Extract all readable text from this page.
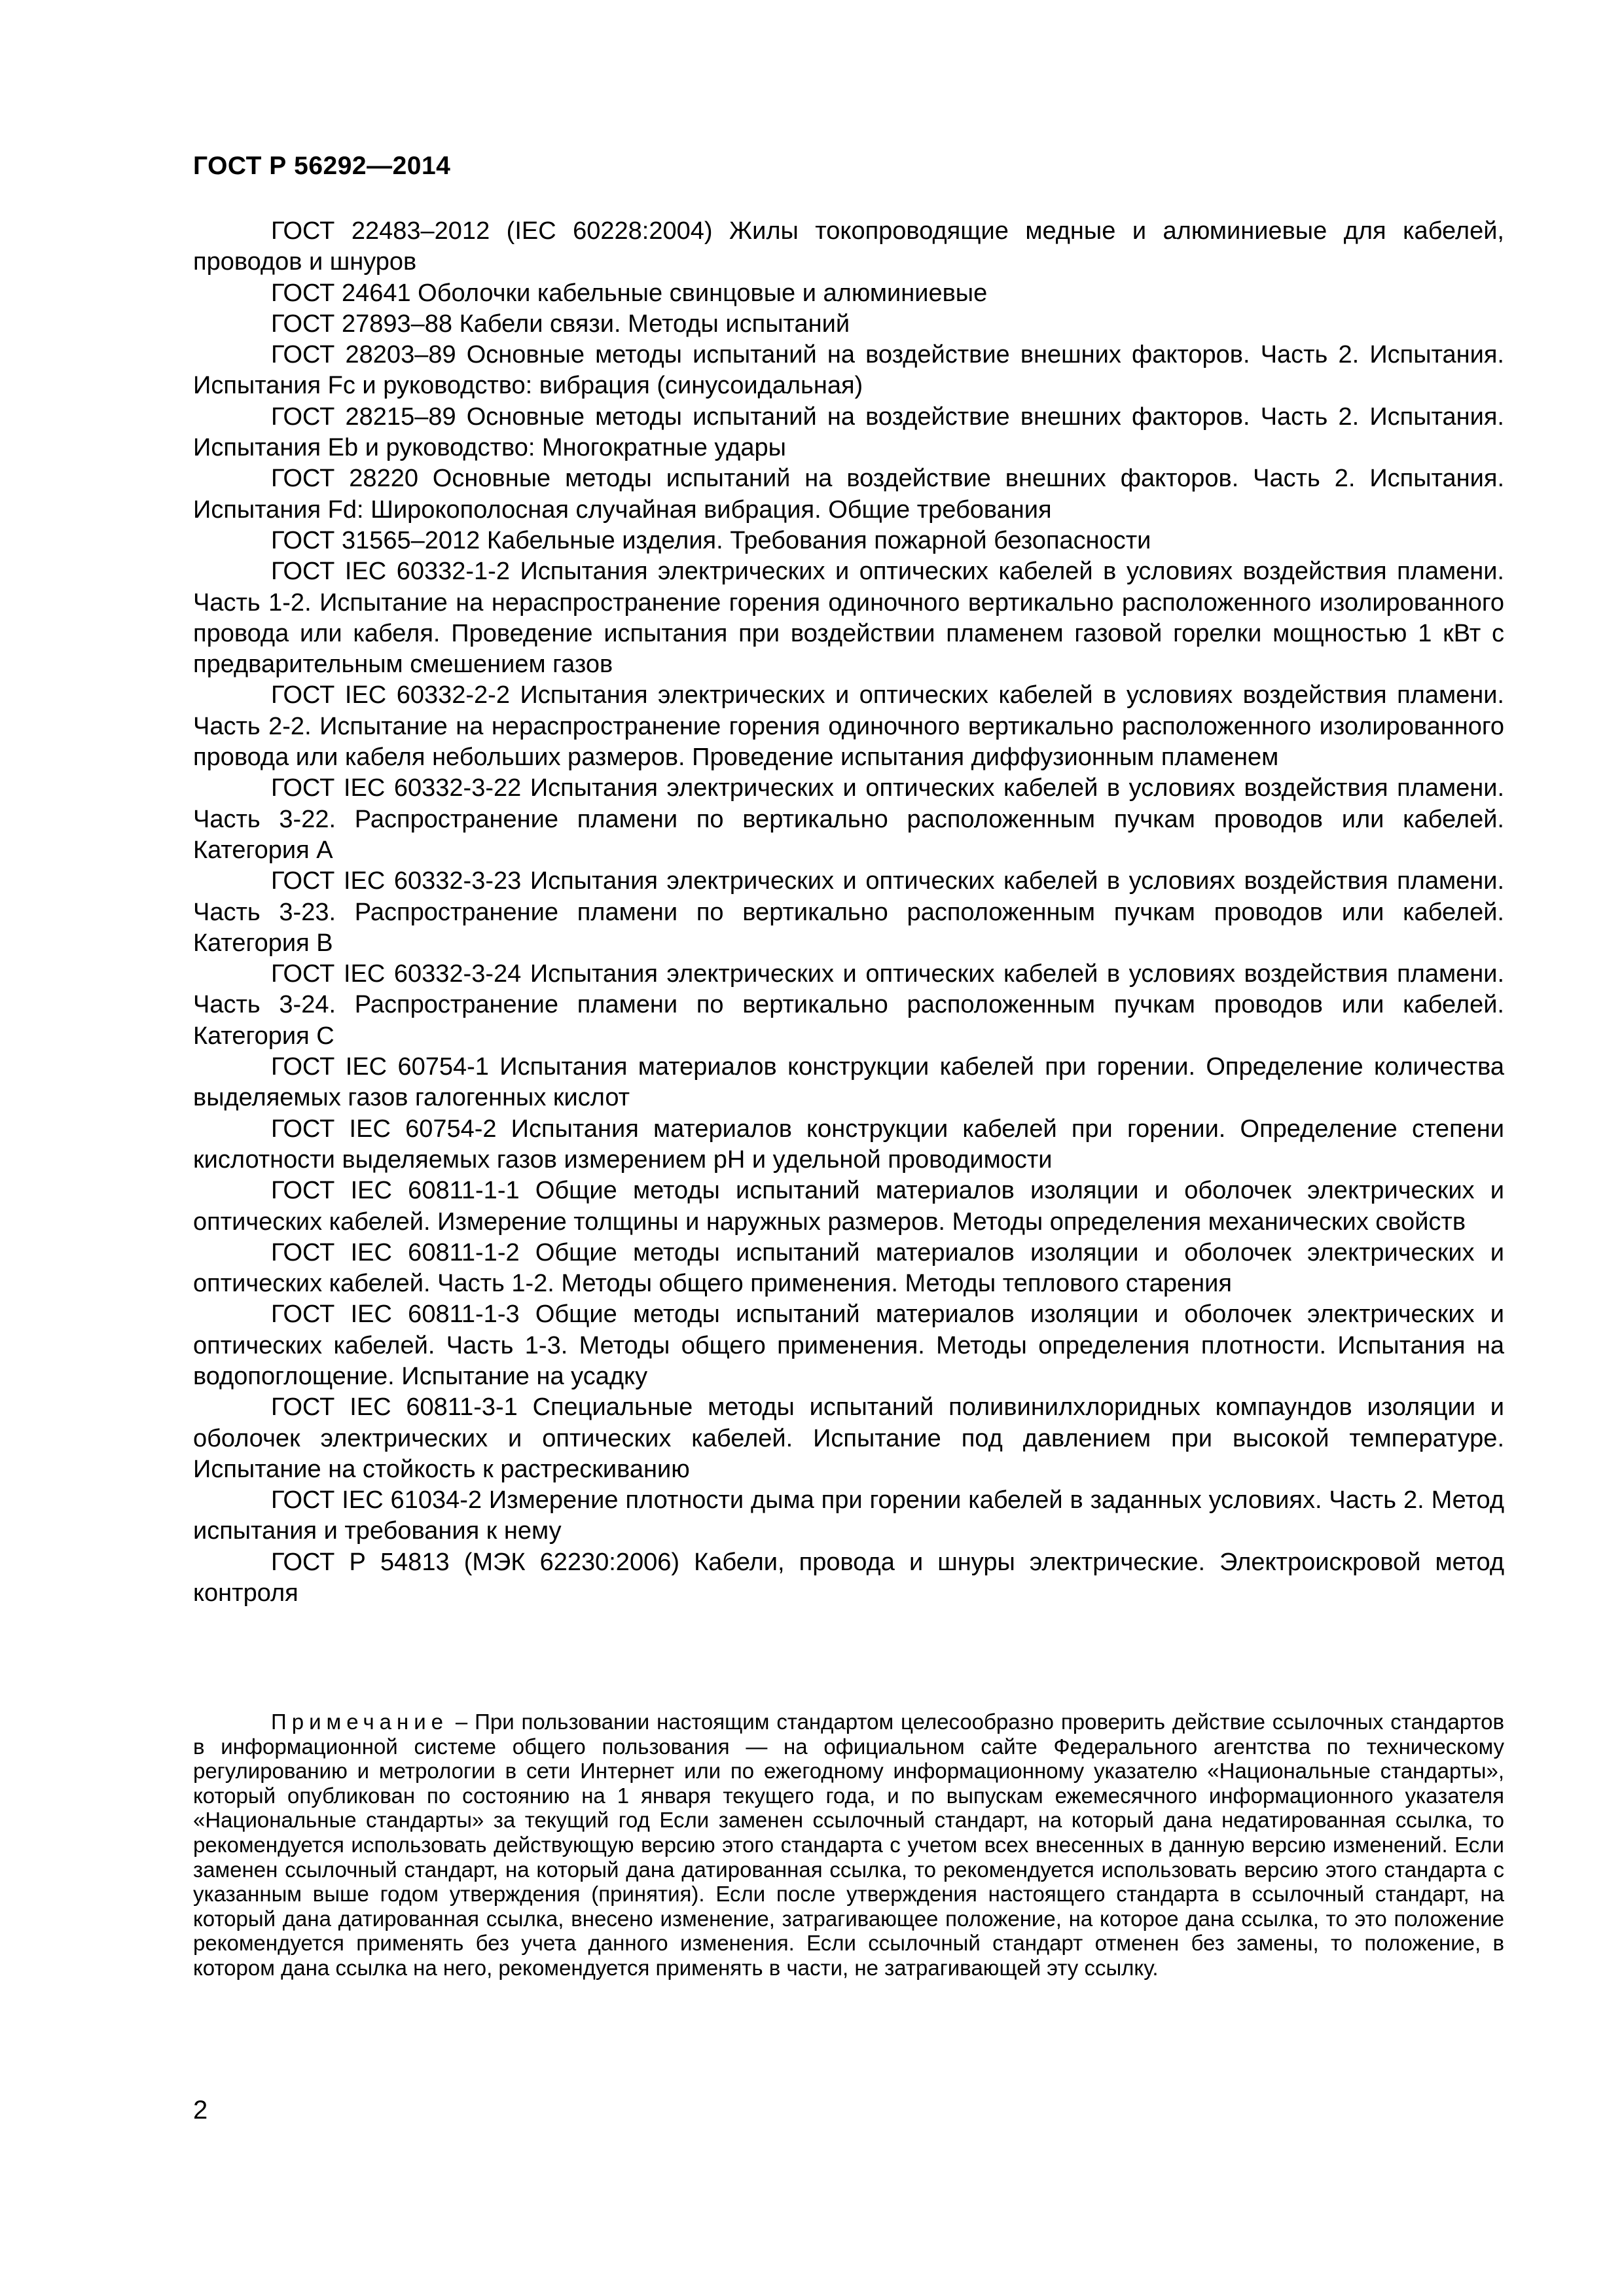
ГОСТ Р 56292—2014

ГОСТ 22483–2012 (IEC 60228:2004) Жилы токопроводящие медные и алюминиевые для кабелей, проводов и шнуров

ГОСТ 24641 Оболочки кабельные свинцовые и алюминиевые

ГОСТ 27893–88 Кабели связи. Методы испытаний

ГОСТ 28203–89 Основные методы испытаний на воздействие внешних факторов. Часть 2. Испытания. Испытания Fc и руководство: вибрация (синусоидальная)

ГОСТ 28215–89 Основные методы испытаний на воздействие внешних факторов. Часть 2. Испытания. Испытания Eb и руководство: Многократные удары

ГОСТ 28220 Основные методы испытаний на воздействие внешних факторов. Часть 2. Испытания. Испытания Fd: Широкополосная случайная вибрация. Общие требования

ГОСТ 31565–2012 Кабельные изделия. Требования пожарной безопасности

ГОСТ IEC 60332-1-2 Испытания электрических и оптических кабелей в условиях воздействия пламени. Часть 1-2. Испытание на нераспространение горения одиночного вертикально расположенного изолированного провода или кабеля. Проведение испытания при воздействии пламенем газовой горелки мощностью 1 кВт с предварительным смешением газов

ГОСТ IEC 60332-2-2 Испытания электрических и оптических кабелей в условиях воздействия пламени. Часть 2-2. Испытание на нераспространение горения одиночного вертикально расположенного изолированного провода или кабеля небольших размеров. Проведение испытания диффузионным пламенем

ГОСТ IEC 60332-3-22 Испытания электрических и оптических кабелей в условиях воздействия пламени. Часть 3-22. Распространение пламени по вертикально расположенным пучкам проводов или кабелей. Категория А

ГОСТ IEC 60332-3-23 Испытания электрических и оптических кабелей в условиях воздействия пламени. Часть 3-23. Распространение пламени по вертикально расположенным пучкам проводов или кабелей. Категория В

ГОСТ IEC 60332-3-24 Испытания электрических и оптических кабелей в условиях воздействия пламени. Часть 3-24. Распространение пламени по вертикально расположенным пучкам проводов или кабелей. Категория С

ГОСТ IEC 60754-1 Испытания материалов конструкции кабелей при горении. Определение количества выделяемых газов галогенных кислот

ГОСТ IEC 60754-2 Испытания материалов конструкции кабелей при горении. Определение степени кислотности выделяемых газов измерением рН и удельной проводимости

ГОСТ IEC 60811-1-1 Общие методы испытаний материалов изоляции и оболочек электрических и оптических кабелей. Измерение толщины и наружных размеров. Методы определения механических свойств

ГОСТ IEC 60811-1-2 Общие методы испытаний материалов изоляции и оболочек электрических и оптических кабелей. Часть 1-2. Методы общего применения. Методы теплового старения

ГОСТ IEC 60811-1-3 Общие методы испытаний материалов изоляции и оболочек электрических и оптических кабелей. Часть 1-3. Методы общего применения. Методы определения плотности. Испытания на водопоглощение. Испытание на усадку

ГОСТ IEC 60811-3-1 Специальные методы испытаний поливинилхлоридных компаундов изоляции и оболочек электрических и оптических кабелей. Испытание под давлением при высокой температуре. Испытание на стойкость к растрескиванию

ГОСТ IEC 61034-2 Измерение плотности дыма при горении кабелей в заданных условиях. Часть 2. Метод испытания и требования к нему

ГОСТ Р 54813 (МЭК 62230:2006) Кабели, провода и шнуры электрические. Электроискровой метод контроля

Примечание – При пользовании настоящим стандартом целесообразно проверить действие ссылочных стандартов в информационной системе общего пользования — на официальном сайте Федерального агентства по техническому регулированию и метрологии в сети Интернет или по ежегодному информационному указателю «Национальные стандарты», который опубликован по состоянию на 1 января текущего года, и по выпускам ежемесячного информационного указателя «Национальные стандарты» за текущий год Если заменен ссылочный стандарт, на который дана недатированная ссылка, то рекомендуется использовать действующую версию этого стандарта с учетом всех внесенных в данную версию изменений. Если заменен ссылочный стандарт, на который дана датированная ссылка, то рекомендуется использовать версию этого стандарта с указанным выше годом утверждения (принятия). Если после утверждения настоящего стандарта в ссылочный стандарт, на который дана датированная ссылка, внесено изменение, затрагивающее положение, на которое дана ссылка, то это положение рекомендуется применять без учета данного изменения. Если ссылочный стандарт отменен без замены, то положение, в котором дана ссылка на него, рекомендуется применять в части, не затрагивающей эту ссылку.

2
